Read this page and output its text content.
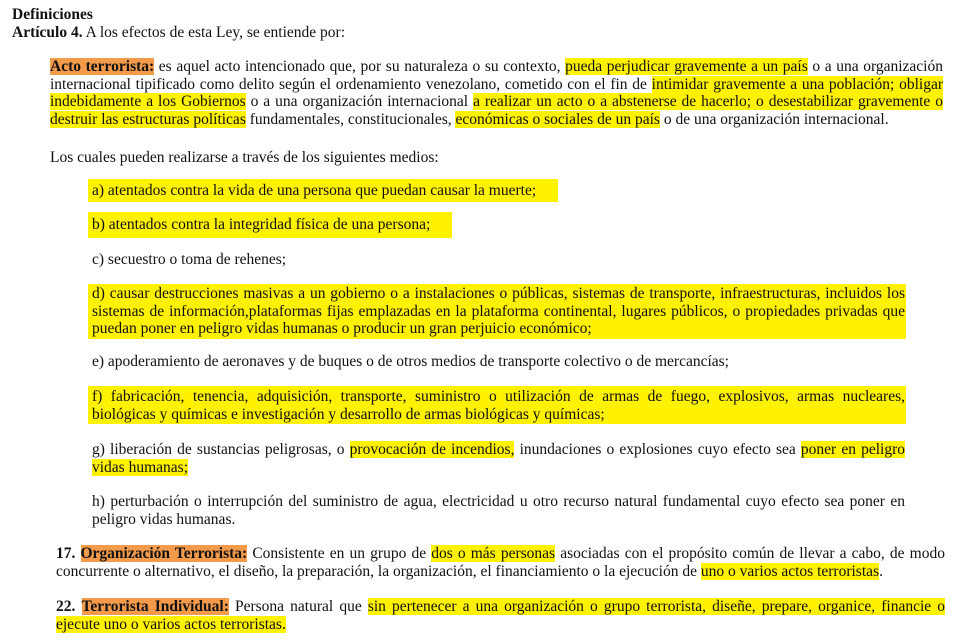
Definiciones
Artículo 4. A los efectos de esta Ley, se entiende por:
Acto terrorista: es aquel acto intencionado que, por su naturaleza o su contexto, pueda perjudicar gravemente a un país o a una organización internacional tipificado como delito según el ordenamiento venezolano, cometido con el fin de intimidar gravemente a una población; obligar indebidamente a los Gobiernos o a una organización internacional a realizar un acto o a abstenerse de hacerlo; o desestabilizar gravemente o destruir las estructuras políticas fundamentales, constitucionales, económicas o sociales de un país o de una organización internacional.
Los cuales pueden realizarse a través de los siguientes medios:
a) atentados contra la vida de una persona que puedan causar la muerte;
b) atentados contra la integridad física de una persona;
c) secuestro o toma de rehenes;
d) causar destrucciones masivas a un gobierno o a instalaciones o públicas, sistemas de transporte, infraestructuras, incluidos los sistemas de información,plataformas fijas emplazadas en la plataforma continental, lugares públicos, o propiedades privadas que puedan poner en peligro vidas humanas o producir un gran perjuicio económico;
e) apoderamiento de aeronaves y de buques o de otros medios de transporte colectivo o de mercancías;
f) fabricación, tenencia, adquisición, transporte, suministro o utilización de armas de fuego, explosivos, armas nucleares, biológicas y químicas e investigación y desarrollo de armas biológicas y químicas;
g) liberación de sustancias peligrosas, o provocación de incendios, inundaciones o explosiones cuyo efecto sea poner en peligro vidas humanas;
h) perturbación o interrupción del suministro de agua, electricidad u otro recurso natural fundamental cuyo efecto sea poner en peligro vidas humanas.
17. Organización Terrorista: Consistente en un grupo de dos o más personas asociadas con el propósito común de llevar a cabo, de modo concurrente o alternativo, el diseño, la preparación, la organización, el financiamiento o la ejecución de uno o varios actos terroristas.
22. Terrorista Individual: Persona natural que sin pertenecer a una organización o grupo terrorista, diseñe, prepare, organice, financie o ejecute uno o varios actos terroristas.
